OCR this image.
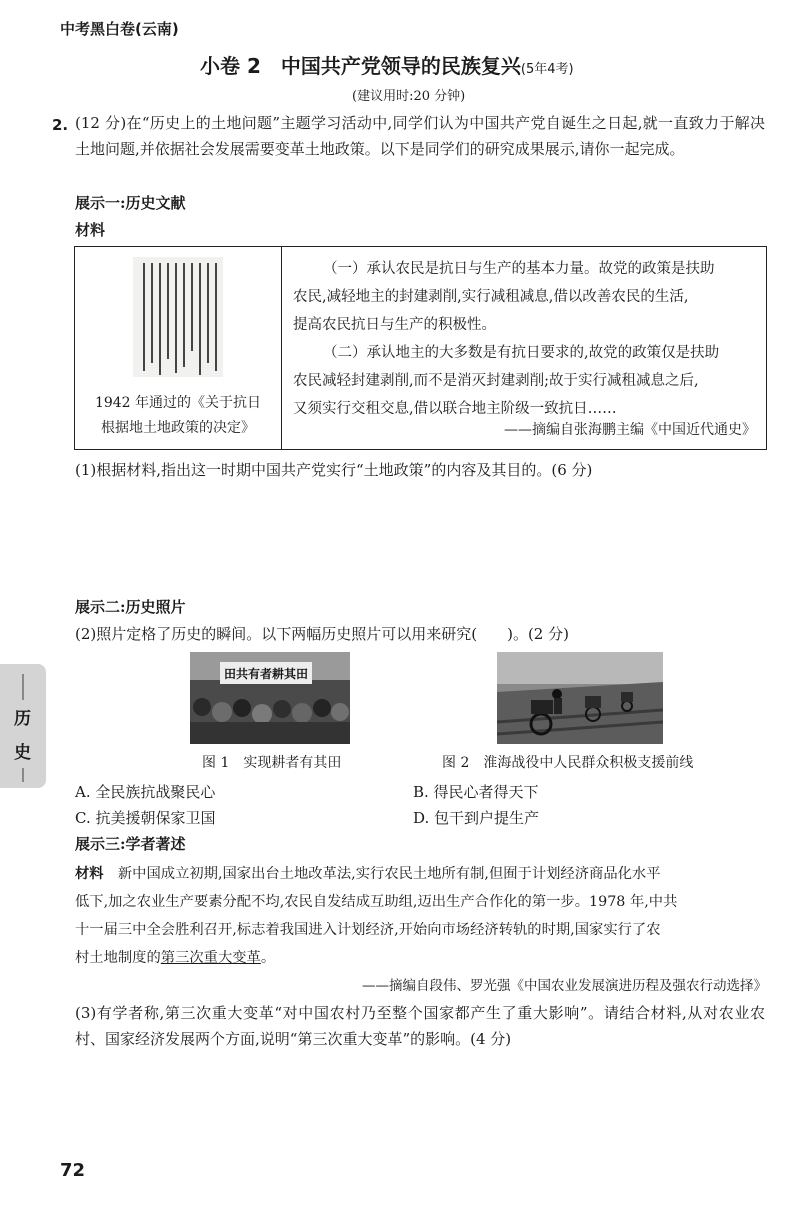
中考黑白卷(云南)
小卷 2　中国共产党领导的民族复兴(5年4考)
(建议用时:20 分钟)
2. (12 分)在“历史上的土地问题”主题学习活动中,同学们认为中国共产党自诞生之日起,就一直致力于解决土地问题,并依据社会发展需要变革土地政策。以下是同学们的研究成果展示,请你一起完成。
展示一:历史文献
材料
1942 年通过的《关于抗日
根据地土地政策的决定》
（一）承认农民是抗日与生产的基本力量。故党的政策是扶助
农民,减轻地主的封建剥削,实行减租减息,借以改善农民的生活,
提高农民抗日与生产的积极性。
（二）承认地主的大多数是有抗日要求的,故党的政策仅是扶助
农民减轻封建剥削,而不是消灭封建剥削;故于实行减租减息之后,
又须实行交租交息,借以联合地主阶级一致抗日……
——摘编自张海鹏主编《中国近代通史》
(1)根据材料,指出这一时期中国共产党实行“土地政策”的内容及其目的。(6 分)
展示二:历史照片
(2)照片定格了历史的瞬间。以下两幅历史照片可以用来研究(　　)。(2 分)
田共有者耕其田
图 1　实现耕者有其田	图 2　淮海战役中人民群众积极支援前线
A. 全民族抗战聚民心	B. 得民心者得天下
C. 抗美援朝保家卫国	D. 包干到户提生产
展示三:学者著述
材料　 新中国成立初期,国家出台土地改革法,实行农民土地所有制,但囿于计划经济商品化水平
低下,加之农业生产要素分配不均,农民自发结成互助组,迈出生产合作化的第一步。1978 年,中共
十一届三中全会胜利召开,标志着我国进入计划经济,开始向市场经济转轨的时期,国家实行了农
村土地制度的第三次重大变革。
——摘编自段伟、罗光强《中国农业发展演进历程及强农行动选择》
(3)有学者称,第三次重大变革“对中国农村乃至整个国家都产生了重大影响”。请结合材料,从对农业农村、国家经济发展两个方面,说明“第三次重大变革”的影响。(4 分)
历
史
72
